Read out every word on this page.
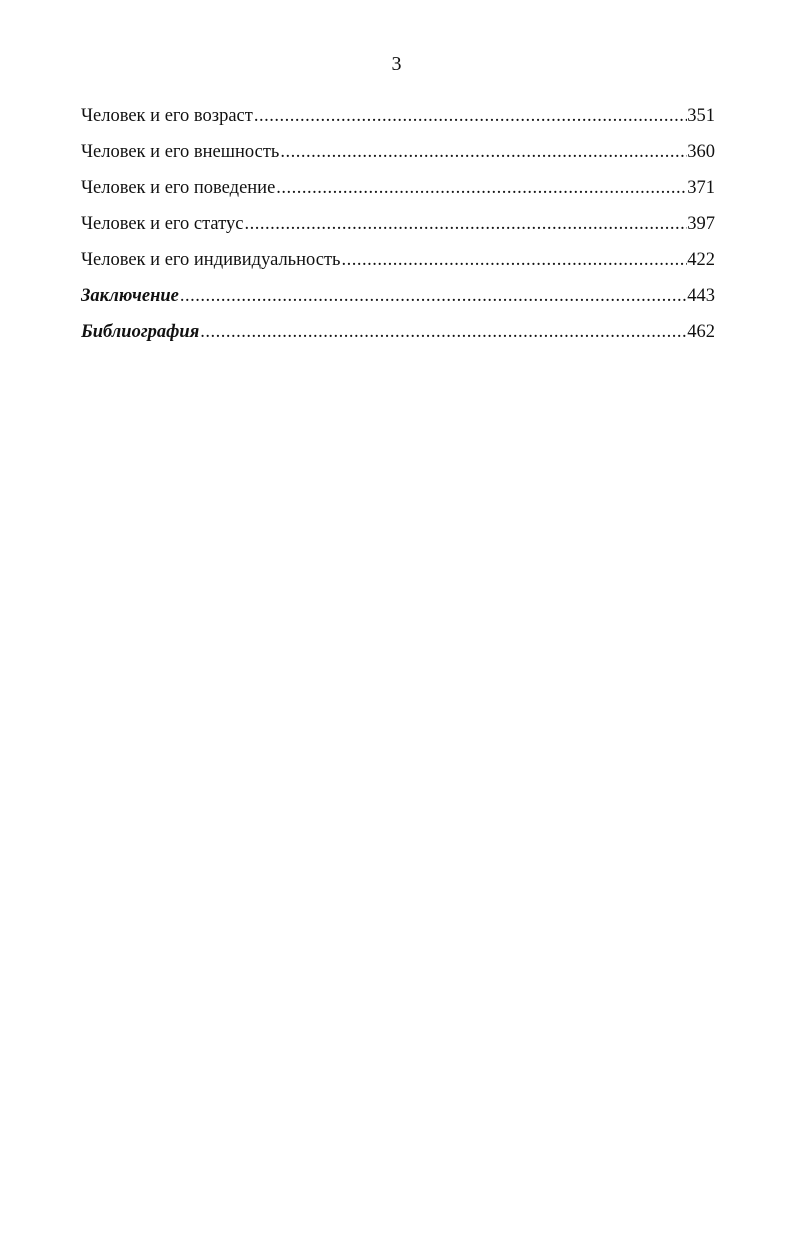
3
Человек и его возраст .....	351
Человек и его внешность .....	360
Человек и его поведение .....	371
Человек и его статус .....	397
Человек и его индивидуальность .....	422
Заключение .....	443
Библиография .....	462
